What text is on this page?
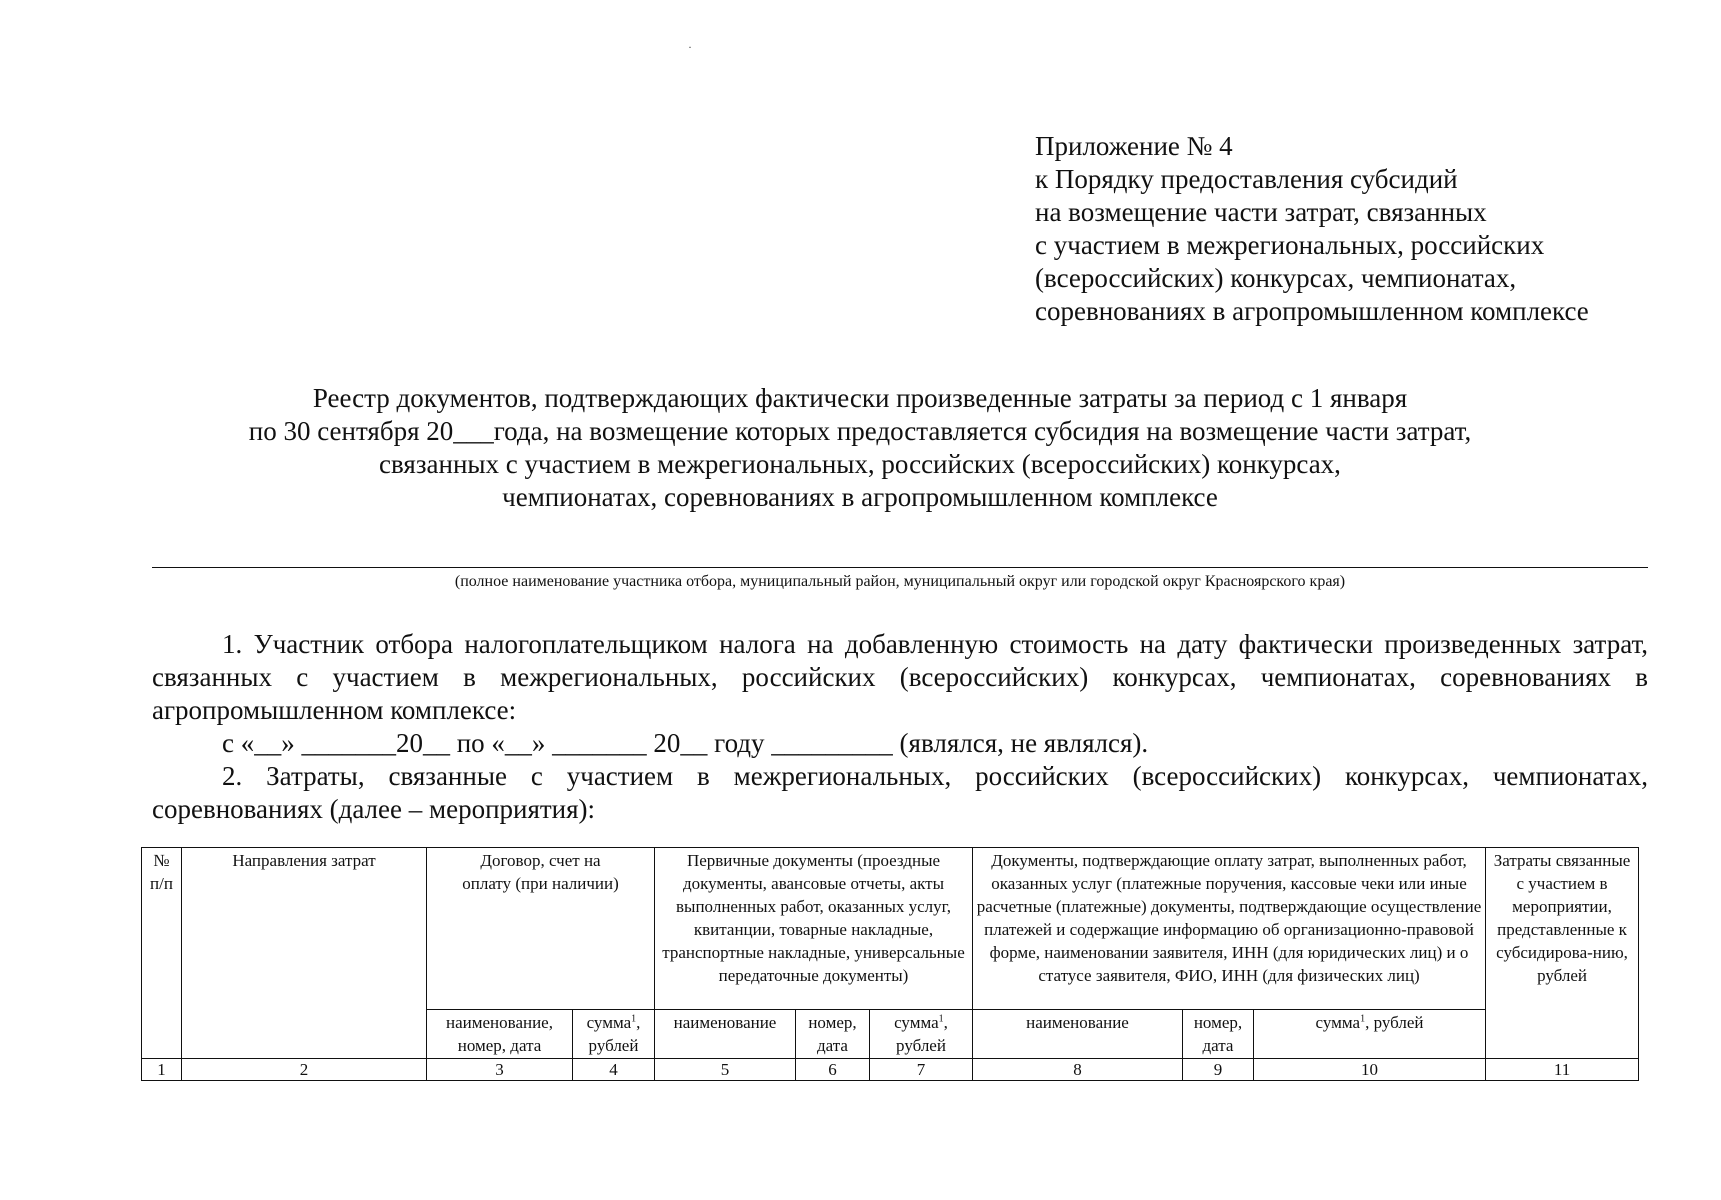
·
Приложение № 4
к Порядку предоставления субсидий
на возмещение части затрат, связанных
с участием в межрегиональных, российских
(всероссийских) конкурсах, чемпионатах,
соревнованиях в агропромышленном комплексе
Реестр документов, подтверждающих фактически произведенные затраты за период с 1 января
по 30 сентября 20___года, на возмещение которых предоставляется субсидия на возмещение части затрат,
связанных с участием в межрегиональных, российских (всероссийских) конкурсах,
чемпионатах, соревнованиях в агропромышленном комплексе
(полное наименование участника отбора, муниципальный район, муниципальный округ или городской округ Красноярского края)
1. Участник отбора налогоплательщиком налога на добавленную стоимость на дату фактически произведенных затрат, связанных с участием в межрегиональных, российских (всероссийских) конкурсах, чемпионатах, соревнованиях в агропромышленном комплексе:
с «__» _______20__ по «__» _______ 20__ году _________ (являлся, не являлся).
2. Затраты, связанные с участием в межрегиональных, российских (всероссийских) конкурсах, чемпионатах, соревнованиях (далее – мероприятия):
№ п/п	Направления затрат	Договор, счет на оплату (при наличии)		Первичные документы (проездные документы, авансовые отчеты, акты выполненных работ, оказанных услуг, квитанции, товарные накладные, транспортные накладные, универсальные передаточные документы)			Документы, подтверждающие оплату затрат, выполненных работ, оказанных услуг (платежные поручения, кассовые чеки или иные расчетные (платежные) документы, подтверждающие осуществление платежей и содержащие информацию об организационно-правовой форме, наименовании заявителя, ИНН (для юридических лиц) и о статусе заявителя, ФИО, ИНН (для физических лиц)			Затраты связанные с участием в мероприятии, представленные к субсидирова-нию, рублей
		наименование, номер, дата	сумма$^1$, рублей	наименование	номер, дата	сумма$^1$, рублей	наименование	номер, дата	сумма$^1$, рублей	
1	2	3	4	5	6	7	8	9	10	11
